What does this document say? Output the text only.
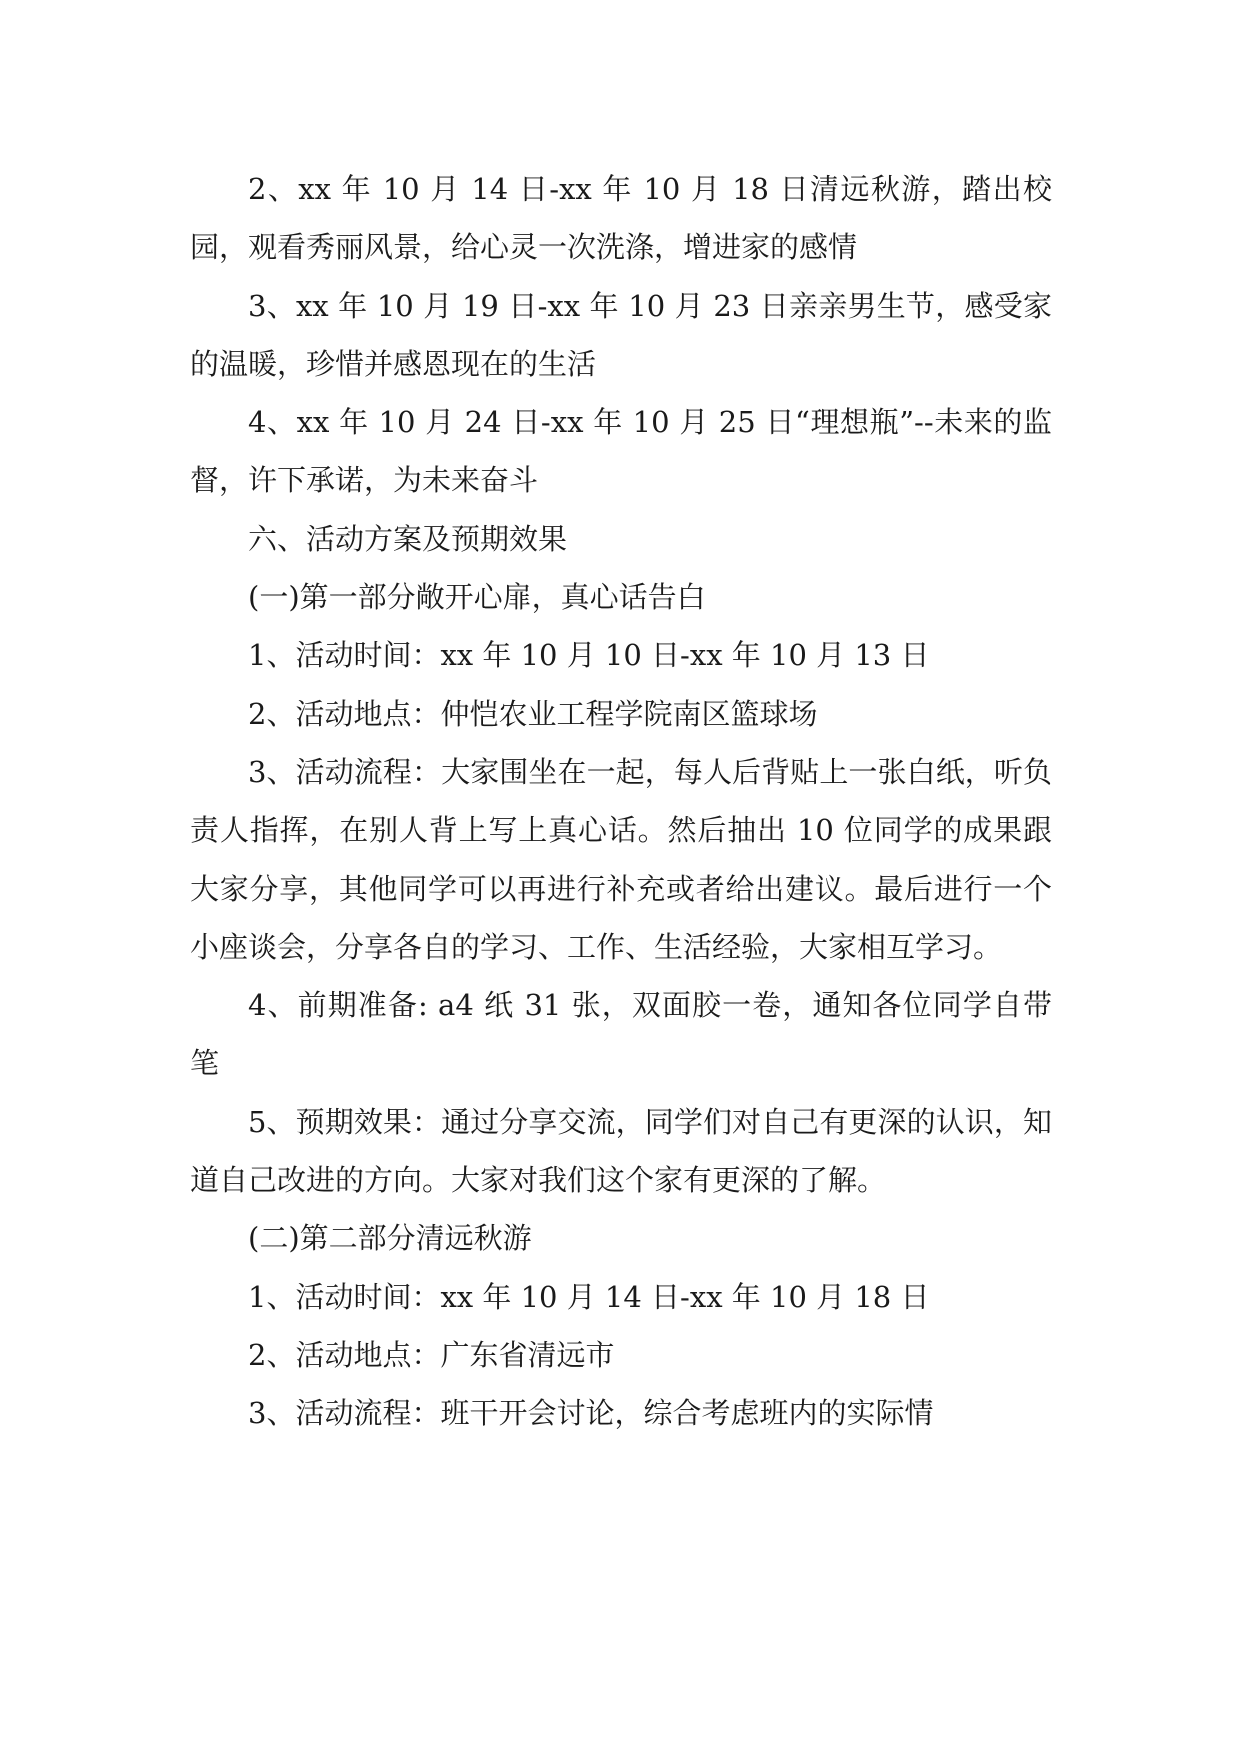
2、xx 年 10 月 14 日-xx 年 10 月 18 日清远秋游，踏出校园，观看秀丽风景，给心灵一次洗涤，增进家的感情

3、xx 年 10 月 19 日-xx 年 10 月 23 日亲亲男生节，感受家的温暖，珍惜并感恩现在的生活

4、xx 年 10 月 24 日-xx 年 10 月 25 日“理想瓶”--未来的监督，许下承诺，为未来奋斗

六、活动方案及预期效果

(一)第一部分敞开心扉，真心话告白

1、活动时间：xx 年 10 月 10 日-xx 年 10 月 13 日

2、活动地点：仲恺农业工程学院南区篮球场

3、活动流程：大家围坐在一起，每人后背贴上一张白纸，听负责人指挥，在别人背上写上真心话。然后抽出 10 位同学的成果跟大家分享，其他同学可以再进行补充或者给出建议。最后进行一个小座谈会，分享各自的学习、工作、生活经验，大家相互学习。

4、前期准备: a4 纸 31 张，双面胶一卷，通知各位同学自带笔

5、预期效果：通过分享交流，同学们对自己有更深的认识，知道自己改进的方向。大家对我们这个家有更深的了解。

(二)第二部分清远秋游

1、活动时间：xx 年 10 月 14 日-xx 年 10 月 18 日

2、活动地点：广东省清远市

3、活动流程：班干开会讨论，综合考虑班内的实际情
